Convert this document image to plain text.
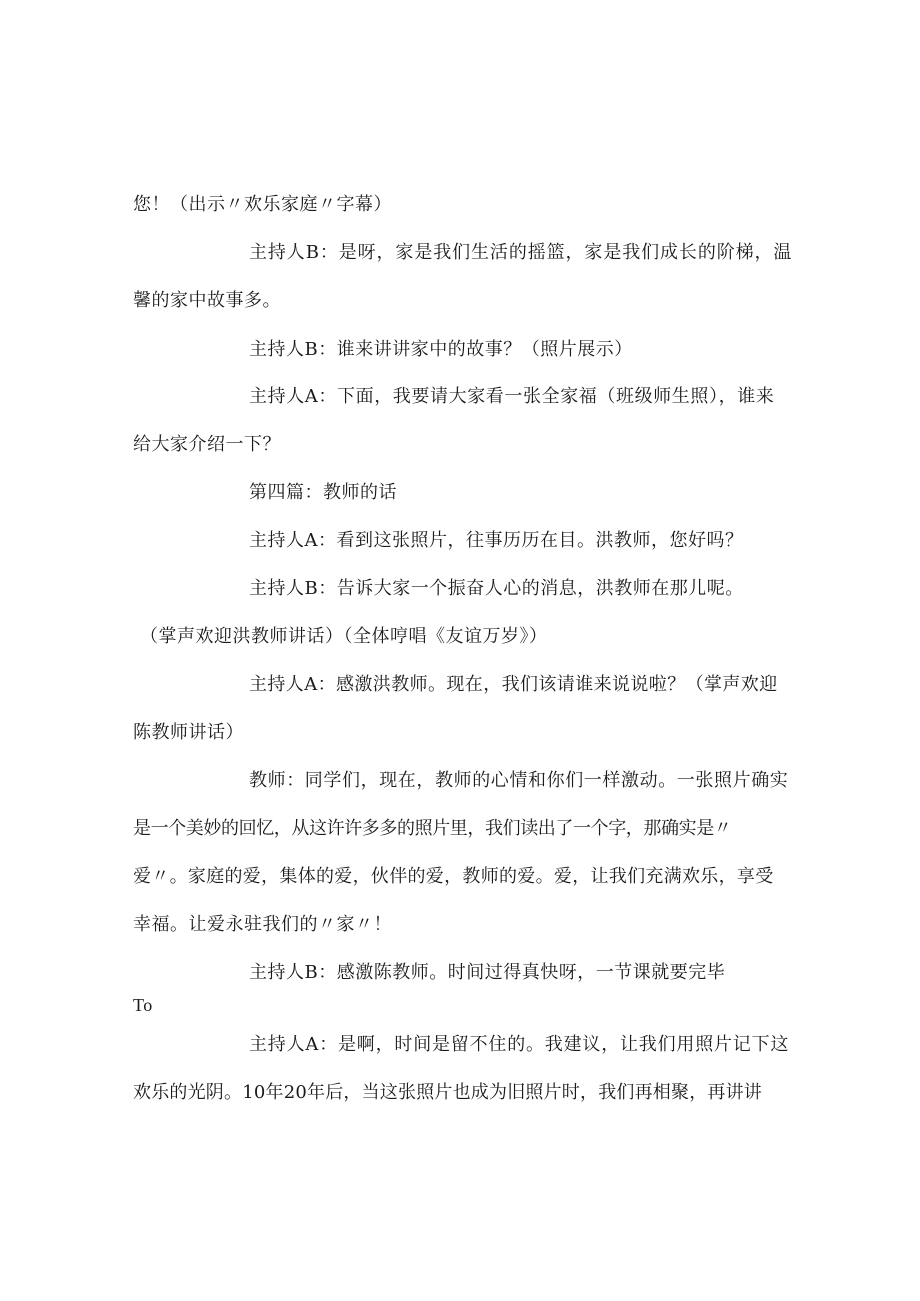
您！（出示〃欢乐家庭〃字幕）
主持人B：是呀，家是我们生活的摇篮，家是我们成长的阶梯，温
馨的家中故事多。
主持人B：谁来讲讲家中的故事？（照片展示）
主持人A：下面，我要请大家看一张全家福（班级师生照），谁来
给大家介绍一下？
第四篇：教师的话
主持人A：看到这张照片，往事历历在目。洪教师，您好吗？
主持人B：告诉大家一个振奋人心的消息，洪教师在那儿呢。
（掌声欢迎洪教师讲话）（全体哼唱《友谊万岁》）
主持人A：感激洪教师。现在，我们该请谁来说说啦？（掌声欢迎
陈教师讲话）
教师：同学们，现在，教师的心情和你们一样激动。一张照片确实
是一个美妙的回忆，从这许许多多的照片里，我们读出了一个字，那确实是〃
爱〃。家庭的爱，集体的爱，伙伴的爱，教师的爱。爱，让我们充满欢乐，享受
幸福。让爱永驻我们的〃家〃！
主持人B：感激陈教师。时间过得真快呀，一节课就要完毕
To
主持人A：是啊，时间是留不住的。我建议，让我们用照片记下这
欢乐的光阴。10年20年后，当这张照片也成为旧照片时，我们再相聚，再讲讲
